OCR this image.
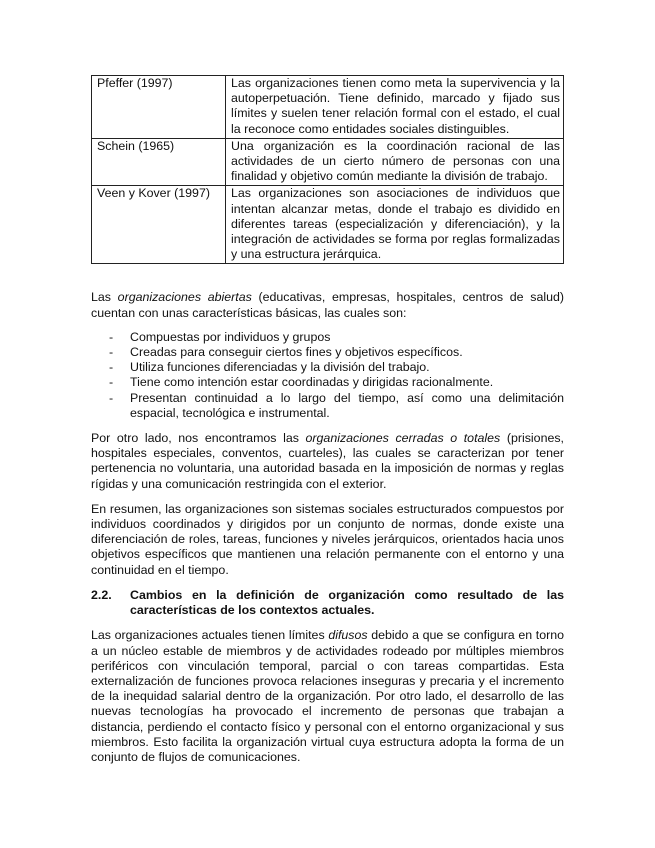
Pfeffer (1997)	Las organizaciones tienen como meta la supervivencia y la autoperpetuación. Tiene definido, marcado y fijado sus límites y suelen tener relación formal con el estado, el cual la reconoce como entidades sociales distinguibles.
Schein (1965)	Una organización es la coordinación racional de las actividades de un cierto número de personas con una finalidad y objetivo común mediante la división de trabajo.
Veen y Kover (1997)	Las organizaciones son asociaciones de individuos que intentan alcanzar metas, donde el trabajo es dividido en diferentes tareas (especialización y diferenciación), y la integración de actividades se forma por reglas formalizadas y una estructura jerárquica.

Las organizaciones abiertas (educativas, empresas, hospitales, centros de salud) cuentan con unas características básicas, las cuales son:

- Compuestas por individuos y grupos
- Creadas para conseguir ciertos fines y objetivos específicos.
- Utiliza funciones diferenciadas y la división del trabajo.
- Tiene como intención estar coordinadas y dirigidas racionalmente.
- Presentan continuidad a lo largo del tiempo, así como una delimitación espacial, tecnológica e instrumental.

Por otro lado, nos encontramos las organizaciones cerradas o totales (prisiones, hospitales especiales, conventos, cuarteles), las cuales se caracterizan por tener pertenencia no voluntaria, una autoridad basada en la imposición de normas y reglas rígidas y una comunicación restringida con el exterior.

En resumen, las organizaciones son sistemas sociales estructurados compuestos por individuos coordinados y dirigidos por un conjunto de normas, donde existe una diferenciación de roles, tareas, funciones y niveles jerárquicos, orientados hacia unos objetivos específicos que mantienen una relación permanente con el entorno y una continuidad en el tiempo.

2.2. Cambios en la definición de organización como resultado de las características de los contextos actuales.

Las organizaciones actuales tienen límites difusos debido a que se configura en torno a un núcleo estable de miembros y de actividades rodeado por múltiples miembros periféricos con vinculación temporal, parcial o con tareas compartidas. Esta externalización de funciones provoca relaciones inseguras y precaria y el incremento de la inequidad salarial dentro de la organización. Por otro lado, el desarrollo de las nuevas tecnologías ha provocado el incremento de personas que trabajan a distancia, perdiendo el contacto físico y personal con el entorno organizacional y sus miembros. Esto facilita la organización virtual cuya estructura adopta la forma de un conjunto de flujos de comunicaciones.
